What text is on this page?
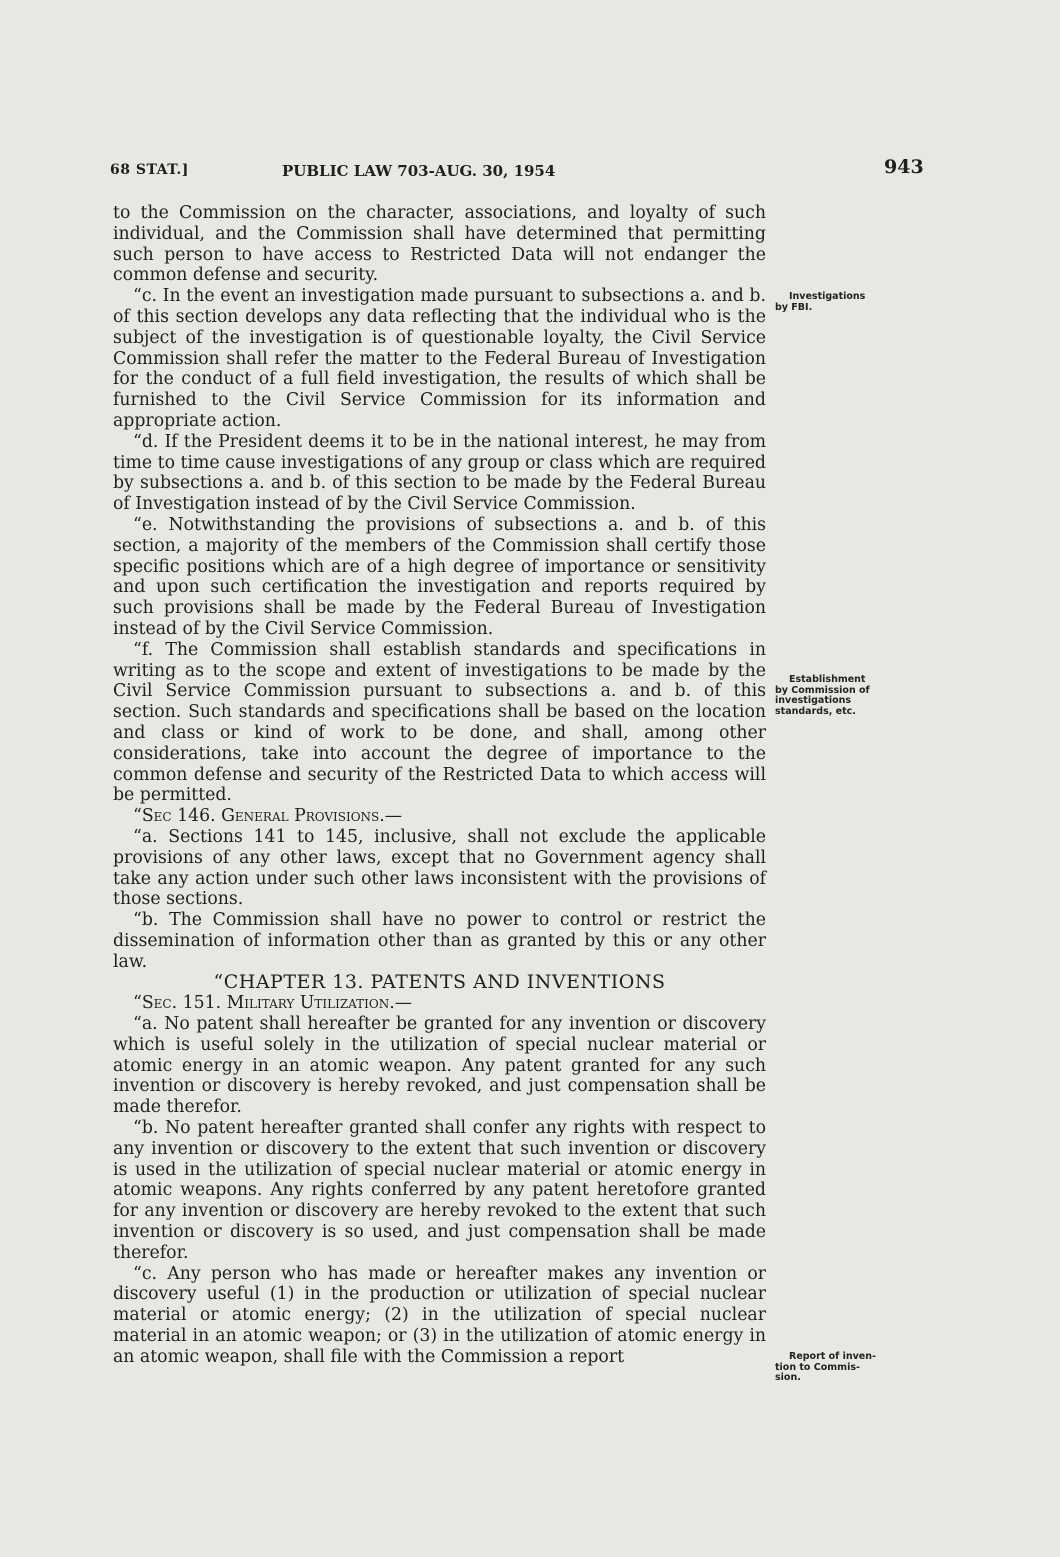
68 STAT.]	PUBLIC LAW 703-AUG. 30, 1954	943

to the Commission on the character, associations, and loyalty of such individual, and the Commission shall have determined that permitting such person to have access to Restricted Data will not endanger the common defense and security.

“c. In the event an investigation made pursuant to subsections a. and b. of this section develops any data reflecting that the individual who is the subject of the investigation is of questionable loyalty, the Civil Service Commission shall refer the matter to the Federal Bureau of Investigation for the conduct of a full field investigation, the results of which shall be furnished to the Civil Service Commission for its information and appropriate action.

“d. If the President deems it to be in the national interest, he may from time to time cause investigations of any group or class which are required by subsections a. and b. of this section to be made by the Federal Bureau of Investigation instead of by the Civil Service Commission.

“e. Notwithstanding the provisions of subsections a. and b. of this section, a majority of the members of the Commission shall certify those specific positions which are of a high degree of importance or sensitivity and upon such certification the investigation and reports required by such provisions shall be made by the Federal Bureau of Investigation instead of by the Civil Service Commission.

“f. The Commission shall establish standards and specifications in writing as to the scope and extent of investigations to be made by the Civil Service Commission pursuant to subsections a. and b. of this section. Such standards and specifications shall be based on the location and class or kind of work to be done, and shall, among other considerations, take into account the degree of importance to the common defense and security of the Restricted Data to which access will be permitted.

“Sec 146. General Provisions.—

“a. Sections 141 to 145, inclusive, shall not exclude the applicable provisions of any other laws, except that no Government agency shall take any action under such other laws inconsistent with the provisions of those sections.

“b. The Commission shall have no power to control or restrict the dissemination of information other than as granted by this or any other law.

“CHAPTER 13. PATENTS AND INVENTIONS

“Sec. 151. Military Utilization.—

“a. No patent shall hereafter be granted for any invention or discovery which is useful solely in the utilization of special nuclear material or atomic energy in an atomic weapon. Any patent granted for any such invention or discovery is hereby revoked, and just compensation shall be made therefor.

“b. No patent hereafter granted shall confer any rights with respect to any invention or discovery to the extent that such invention or discovery is used in the utilization of special nuclear material or atomic energy in atomic weapons. Any rights conferred by any patent heretofore granted for any invention or discovery are hereby revoked to the extent that such invention or discovery is so used, and just compensation shall be made therefor.

“c. Any person who has made or hereafter makes any invention or discovery useful (1) in the production or utilization of special nuclear material or atomic energy; (2) in the utilization of special nuclear material in an atomic weapon; or (3) in the utilization of atomic energy in an atomic weapon, shall file with the Commission a report

Investigations
by FBI.
Establishment
by Commission of
investigations
standards, etc.
Report of inven-
tion to Commis-
sion.
